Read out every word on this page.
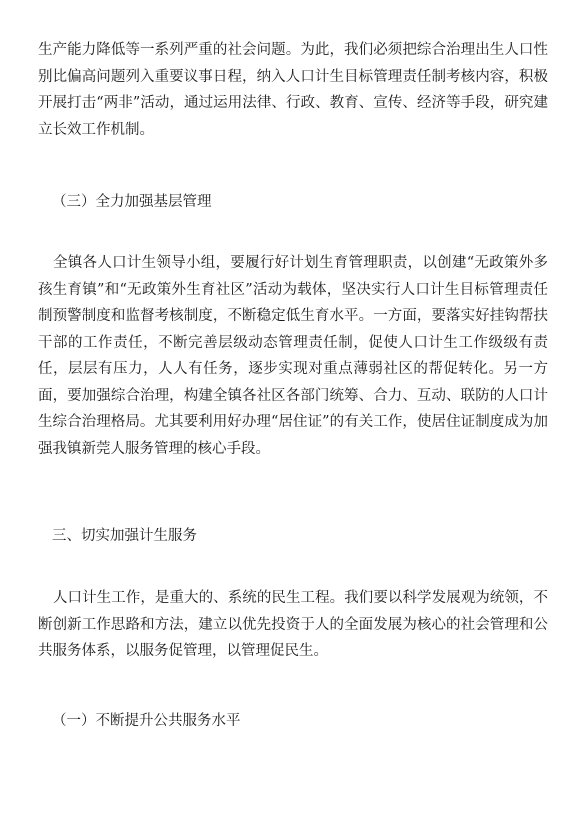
生产能力降低等一系列严重的社会问题。为此，我们必须把综合治理出生人口性别比偏高问题列入重要议事日程，纳入人口计生目标管理责任制考核内容，积极开展打击“两非”活动，通过运用法律、行政、教育、宣传、经济等手段，研究建立长效工作机制。

（三）全力加强基层管理

全镇各人口计生领导小组，要履行好计划生育管理职责，以创建“无政策外多孩生育镇”和“无政策外生育社区”活动为载体，坚决实行人口计生目标管理责任制预警制度和监督考核制度，不断稳定低生育水平。一方面，要落实好挂钩帮扶干部的工作责任，不断完善层级动态管理责任制，促使人口计生工作级级有责任，层层有压力，人人有任务，逐步实现对重点薄弱社区的帮促转化。另一方面，要加强综合治理，构建全镇各社区各部门统筹、合力、互动、联防的人口计生综合治理格局。尤其要利用好办理“居住证”的有关工作，使居住证制度成为加强我镇新莞人服务管理的核心手段。

三、切实加强计生服务

人口计生工作，是重大的、系统的民生工程。我们要以科学发展观为统领，不断创新工作思路和方法，建立以优先投资于人的全面发展为核心的社会管理和公共服务体系，以服务促管理，以管理促民生。

（一）不断提升公共服务水平
